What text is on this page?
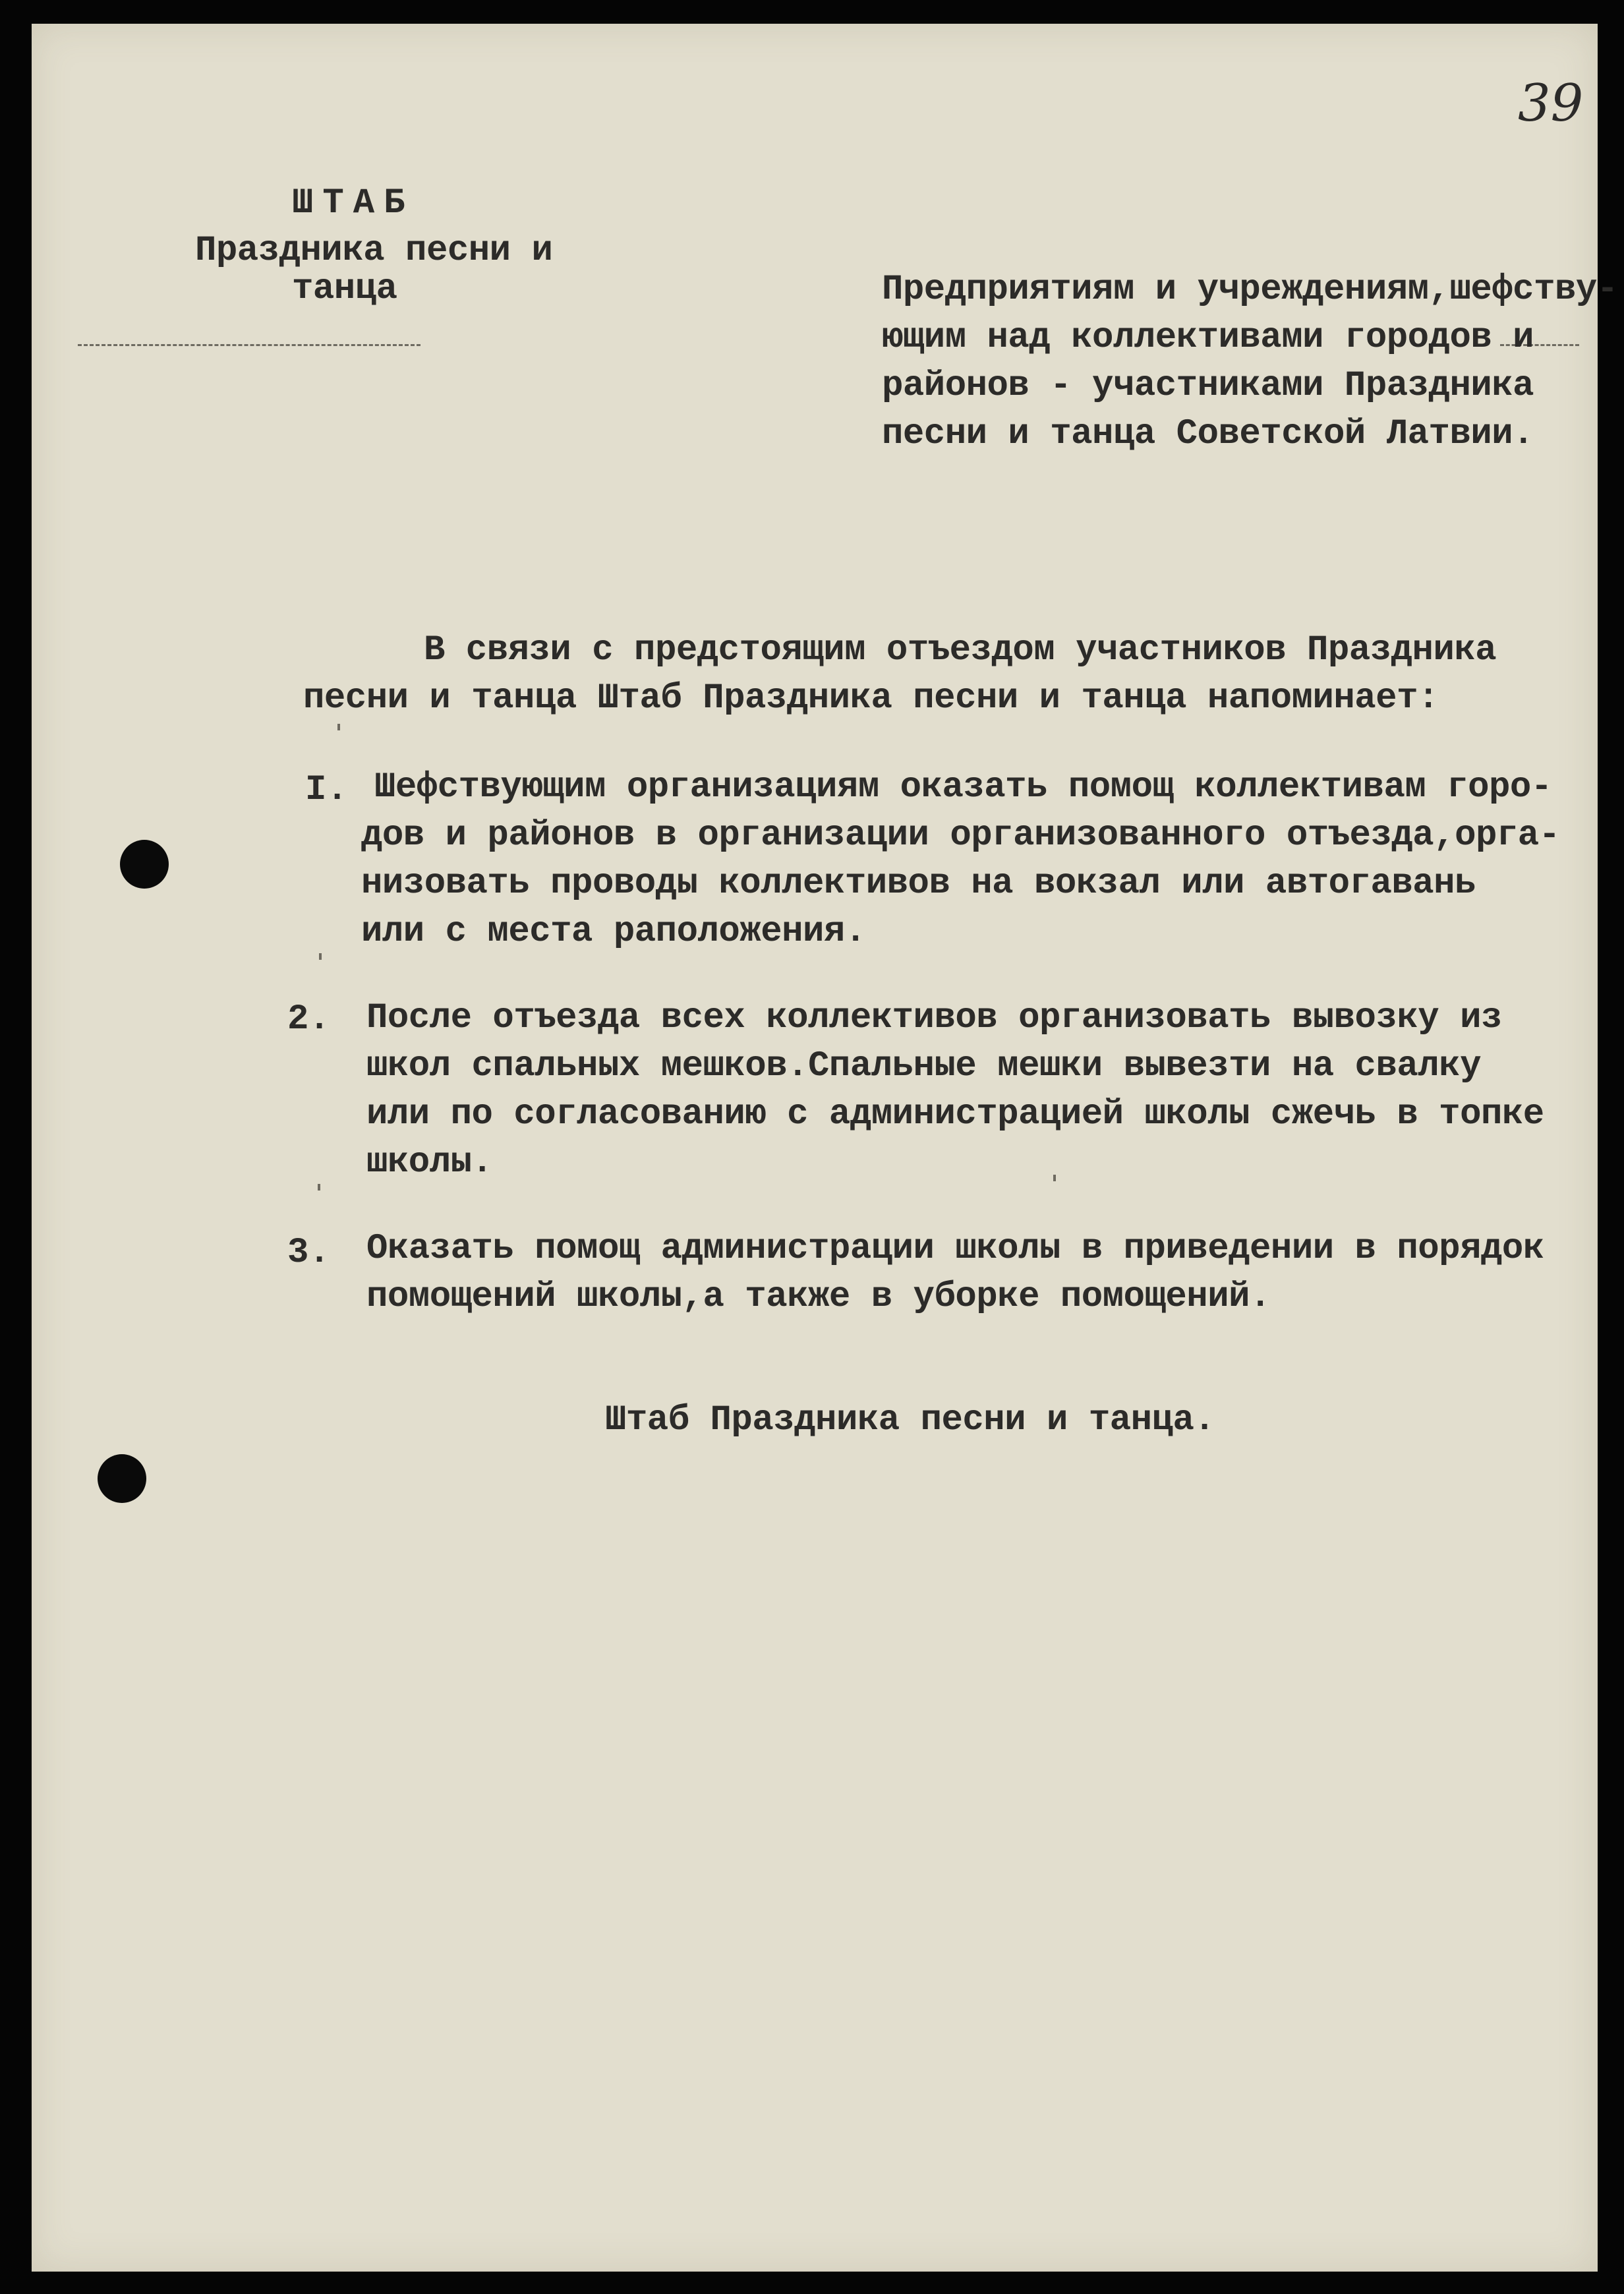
39
ШТАБ
Праздника песни и
танца	Предприятиям и учреждениям,шефству-
ющим над коллективами городов и
районов - участниками Праздника
песни и танца Советской Латвии.
В связи с предстоящим отъездом участников Праздника
песни и танца Штаб Праздника песни и танца напоминает:
I. Шефствующим организациям оказать помощ коллективам горо-
дов и районов в организации организованного отъезда,орга-
низовать проводы коллективов на вокзал или автогавань
или с места раположения.
2. После отъезда всех коллективов организовать вывозку из
школ спальных мешков.Спальные мешки вывезти на свалку
или по согласованию с администрацией школы сжечь в топке
школы.
3. Оказать помощ администрации школы в приведении в порядок
помощений школы,а также в уборке помощений.
Штаб Праздника песни и танца.
